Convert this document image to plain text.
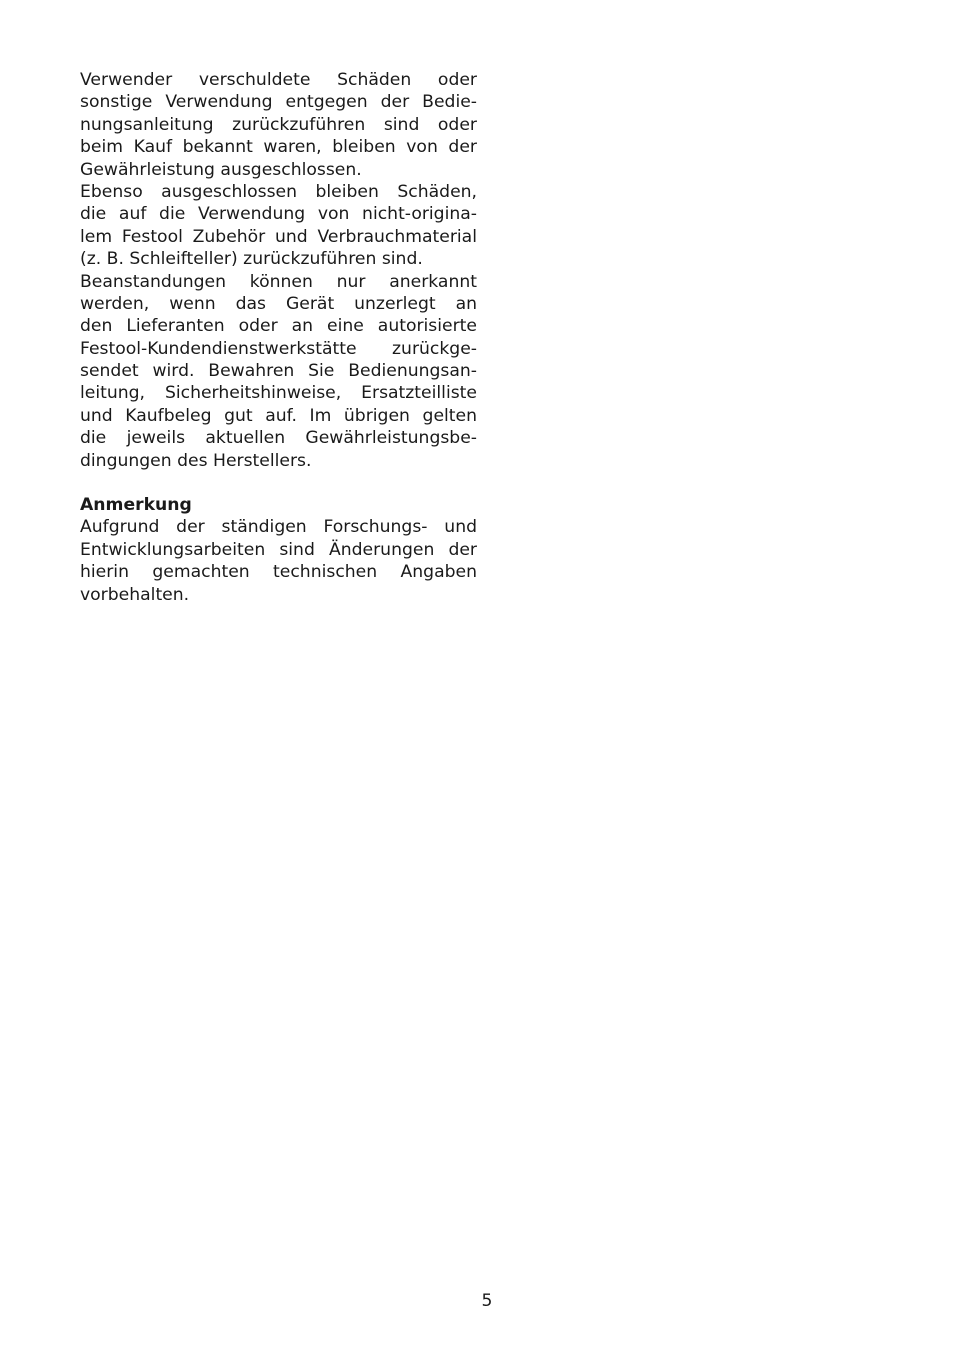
Verwender verschuldete Schäden oder
sonstige Verwendung entgegen der Bedie-
nungsanleitung zurückzuführen sind oder
beim Kauf bekannt waren, bleiben von der
Gewährleistung ausgeschlossen.
Ebenso ausgeschlossen bleiben Schäden,
die auf die Verwendung von nicht-origina-
lem Festool Zubehör und Verbrauchmaterial
(z. B. Schleifteller) zurückzuführen sind.
Beanstandungen können nur anerkannt
werden, wenn das Gerät unzerlegt an
den Lieferanten oder an eine autorisierte
Festool-Kundendienstwerkstätte zurückge-
sendet wird. Bewahren Sie Bedienungsan-
leitung, Sicherheitshinweise, Ersatzteilliste
und Kaufbeleg gut auf. Im übrigen gelten
die jeweils aktuellen Gewährleistungsbe-
dingungen des Herstellers.
Anmerkung
Aufgrund der ständigen Forschungs- und
Entwicklungsarbeiten sind Änderungen der
hierin gemachten technischen Angaben
vorbehalten.
5
